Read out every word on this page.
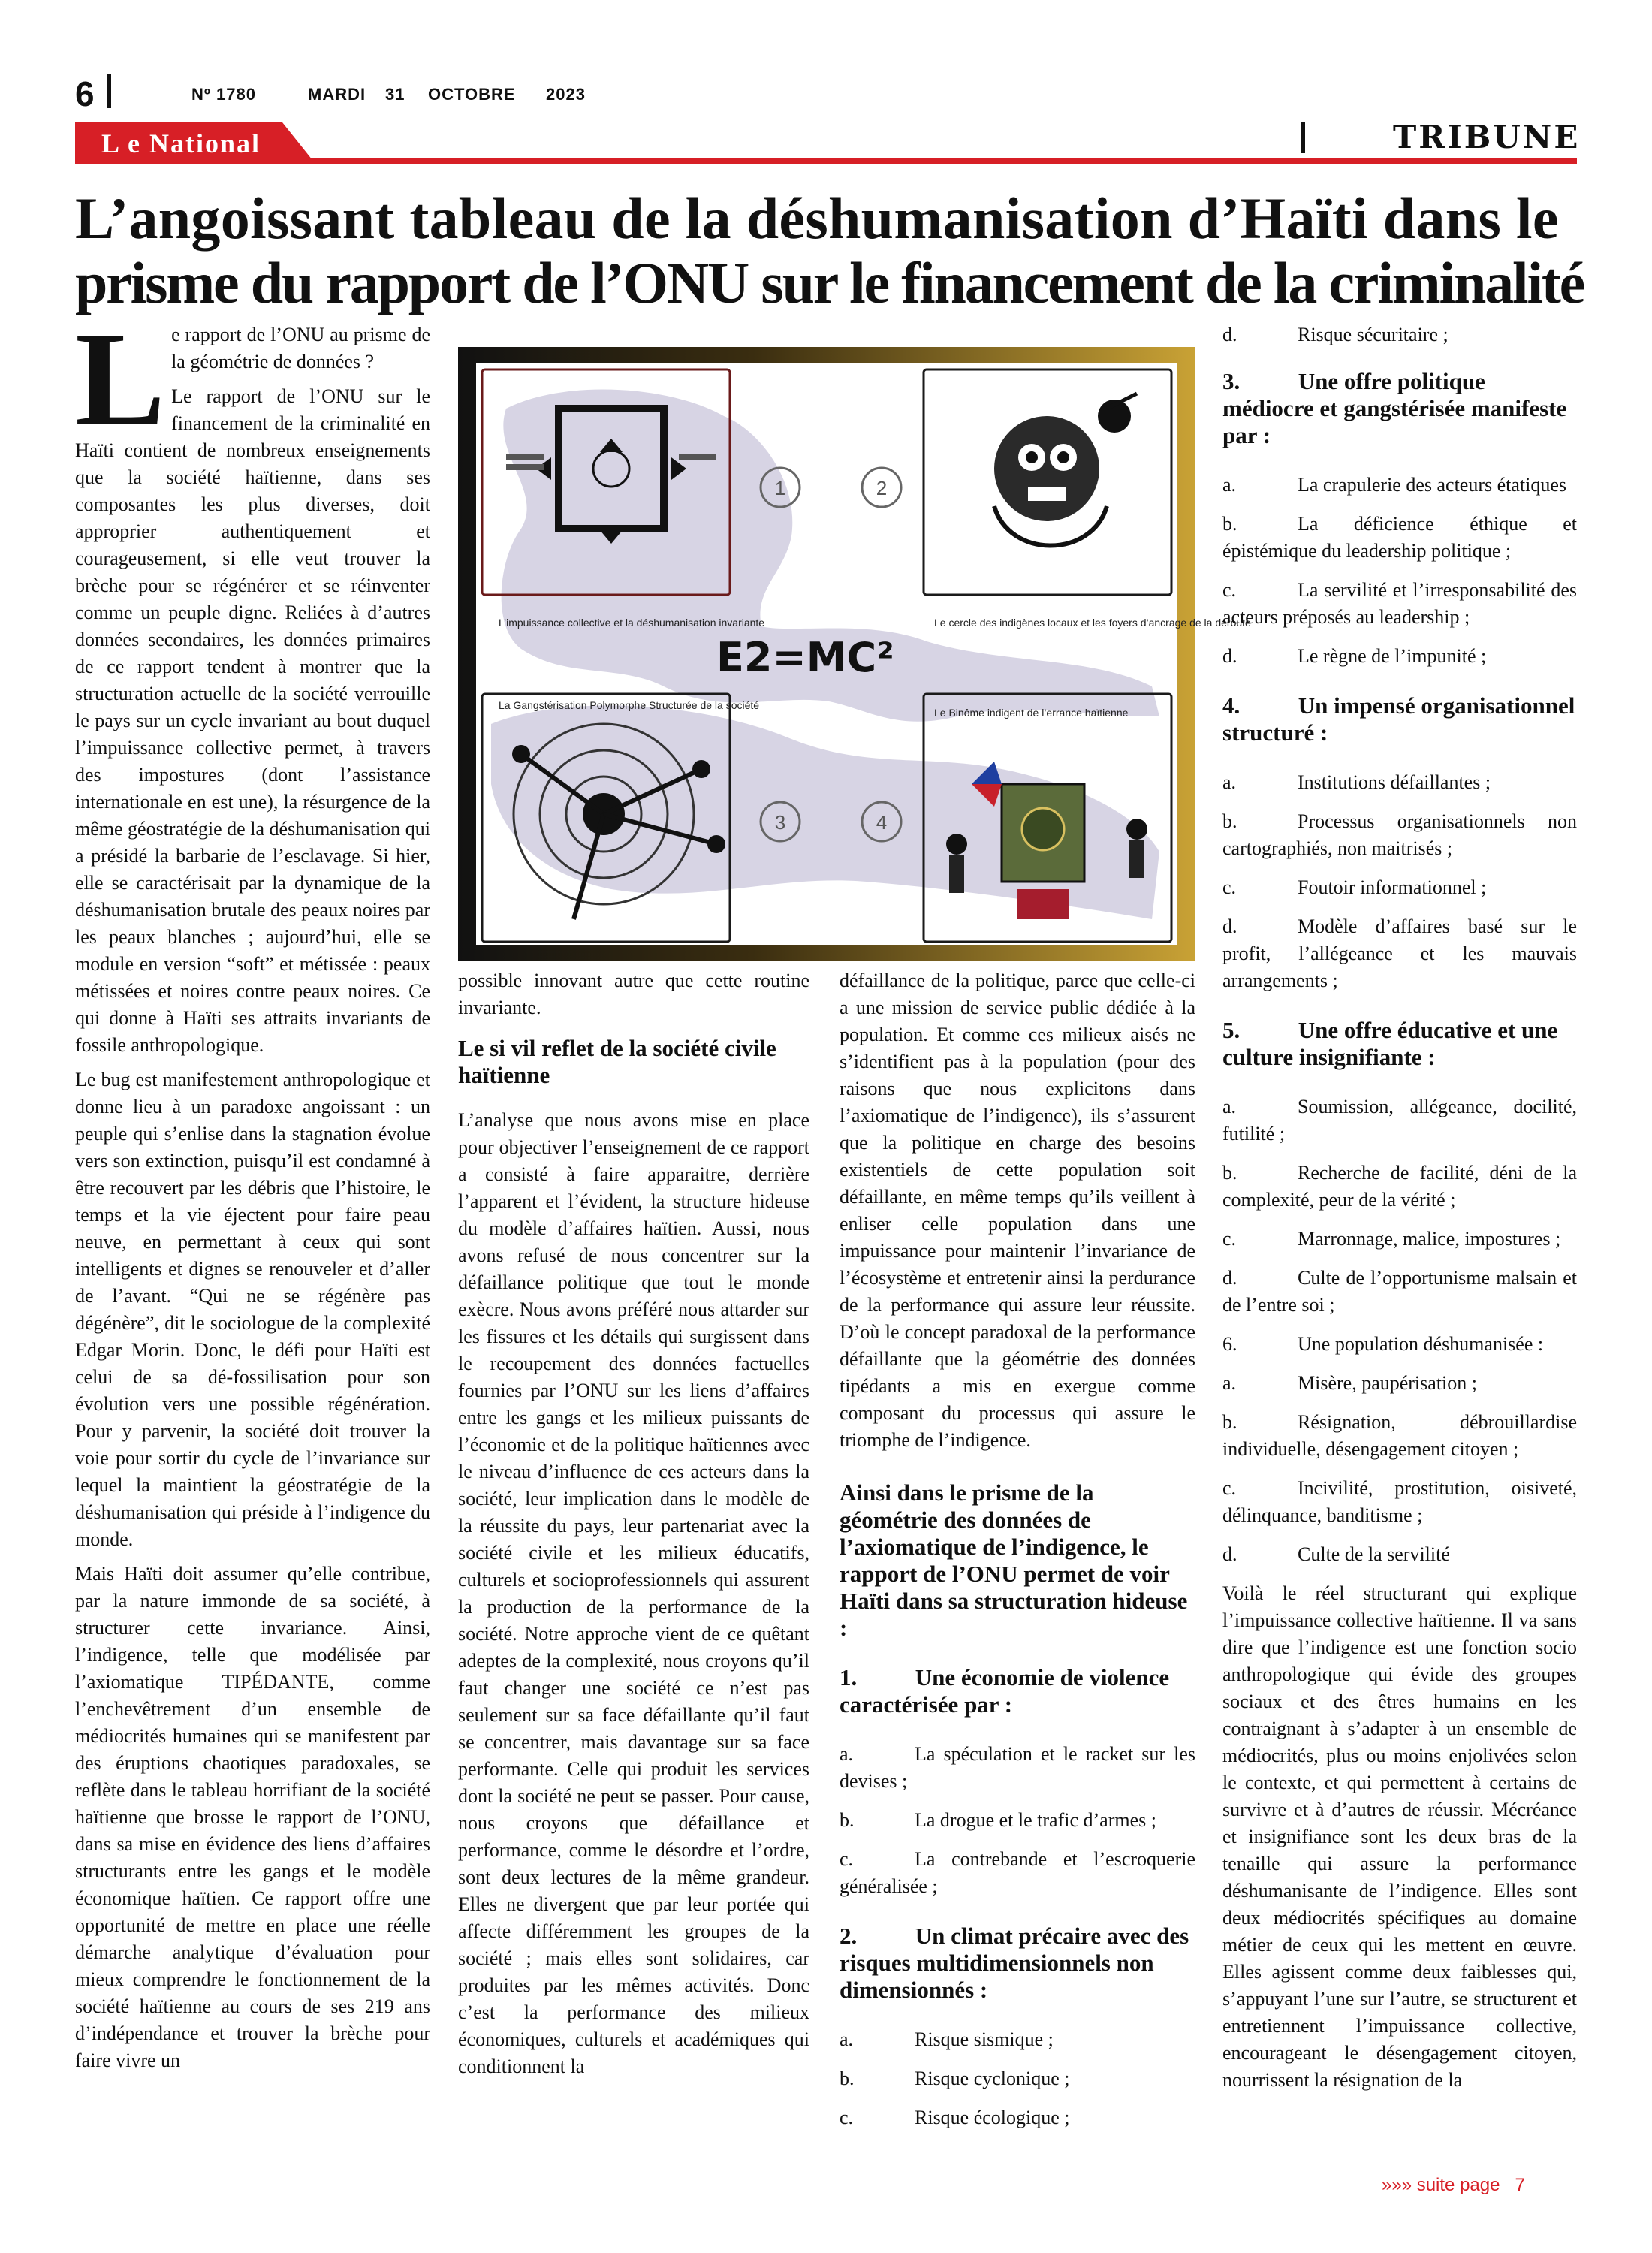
6	Nº 1780	MARDI 31 OCTOBRE 2023
L e National	TRIBUNE
L’angoissant tableau de la déshumanisation d’Haïti dans le
prisme du rapport de l’ONU sur le financement de la criminalité

L e rapport de l’ONU au prisme de la géométrie de données ?

Le rapport de l’ONU sur le financement de la criminalité en Haïti contient de nombreux enseignements que la société haïtienne, dans ses composantes les plus diverses, doit approprier authentiquement et courageusement, si elle veut trouver la brèche pour se régénérer et se réinventer comme un peuple digne. Reliées à d’autres données secondaires, les données primaires de ce rapport tendent à montrer que la structuration actuelle de la société verrouille le pays sur un cycle invariant au bout duquel l’impuissance collective permet, à travers des impostures (dont l’assistance internationale en est une), la résurgence de la même géostratégie de la déshumanisation qui a présidé la barbarie de l’esclavage. Si hier, elle se caractérisait par la dynamique de la déshumanisation brutale des peaux noires par les peaux blanches ; aujourd’hui, elle se module en version “soft” et métissée : peaux métissées et noires contre peaux noires. Ce qui donne à Haïti ses attraits invariants de fossile anthropologique.

Le bug est manifestement anthropologique et donne lieu à un paradoxe angoissant : un peuple qui s’enlise dans la stagnation évolue vers son extinction, puisqu’il est condamné à être recouvert par les débris que l’histoire, le temps et la vie éjectent pour faire peau neuve, en permettant à ceux qui sont intelligents et dignes se renouveler et d’aller de l’avant. “Qui ne se régénère pas dégénère”, dit le sociologue de la complexité Edgar Morin. Donc, le défi pour Haïti est celui de sa dé-fossilisation pour son évolution vers une possible régénération. Pour y parvenir, la société doit trouver la voie pour sortir du cycle de l’invariance sur lequel la maintient la géostratégie de la déshumanisation qui préside à l’indigence du monde.

Mais Haïti doit assumer qu’elle contribue, par la nature immonde de sa société, à structurer cette invariance. Ainsi, l’indigence, telle que modélisée par l’axiomatique TIPÉDANTE, comme l’enchevêtrement d’un ensemble de médiocrités humaines qui se manifestent par des éruptions chaotiques paradoxales, se reflète dans le tableau horrifiant de la société haïtienne que brosse le rapport de l’ONU, dans sa mise en évidence des liens d’affaires structurants entre les gangs et le modèle économique haïtien. Ce rapport offre une opportunité de mettre en place une réelle démarche analytique d’évaluation pour mieux comprendre le fonctionnement de la société haïtienne au cours de ses 219 ans d’indépendance et trouver la brèche pour faire vivre un

1	2
3	4
E2=MC²
L’impuissance collective et la déshumanisation invariante	Le cercle des indigènes locaux et les foyers d’ancrage de la déroute
La Gangstérisation Polymorphe Structurée de la société
Le Binôme indigent de l’errance haïtienne

possible innovant autre que cette routine invariante.

Le si vil reflet de la société civile haïtienne

L’analyse que nous avons mise en place pour objectiver l’enseignement de ce rapport a consisté à faire apparaitre, derrière l’apparent et l’évident, la structure hideuse du modèle d’affaires haïtien. Aussi, nous avons refusé de nous concentrer sur la défaillance politique que tout le monde exècre. Nous avons préféré nous attarder sur les fissures et les détails qui surgissent dans le recoupement des données factuelles fournies par l’ONU sur les liens d’affaires entre les gangs et les milieux puissants de l’économie et de la politique haïtiennes avec le niveau d’influence de ces acteurs dans la société, leur implication dans le modèle de la réussite du pays, leur partenariat avec la société civile et les milieux éducatifs, culturels et socioprofessionnels qui assurent la production de la performance de la société. Notre approche vient de ce quêtant adeptes de la complexité, nous croyons qu’il faut changer une société ce n’est pas seulement sur sa face défaillante qu’il faut se concentrer, mais davantage sur sa face performante. Celle qui produit les services dont la société ne peut se passer. Pour cause, nous croyons que défaillance et performance, comme le désordre et l’ordre, sont deux lectures de la même grandeur. Elles ne divergent que par leur portée qui affecte différemment les groupes de la société ; mais elles sont solidaires, car produites par les mêmes activités. Donc c’est la performance des milieux économiques, culturels et académiques qui conditionnent la

défaillance de la politique, parce que celle-ci a une mission de service public dédiée à la population. Et comme ces milieux aisés ne s’identifient pas à la population (pour des raisons que nous explicitons dans l’axiomatique de l’indigence), ils s’assurent que la politique en charge des besoins existentiels de cette population soit défaillante, en même temps qu’ils veillent à enliser celle population dans une impuissance pour maintenir l’invariance de l’écosystème et entretenir ainsi la perdurance de la performance qui assure leur réussite. D’où le concept paradoxal de la performance défaillante que la géométrie des données tipédants a mis en exergue comme composant du processus qui assure le triomphe de l’indigence.

Ainsi dans le prisme de la géométrie des données de l’axiomatique de l’indigence, le rapport de l’ONU permet de voir Haïti dans sa structuration hideuse :
1.          Une économie de violence caractérisée par :
a.	La spéculation et le racket sur les devises ;
b.	La drogue et le trafic d’armes ;
c.	La contrebande et l’escroquerie généralisée ;
2.          Un climat précaire avec des risques multidimensionnels non dimensionnés :
a.	Risque sismique ;
b.	Risque cyclonique ;
c.	Risque écologique ;
d.	Risque sécuritaire ;
3.          Une offre politique médiocre et gangstérisée manifeste par :
a.	La crapulerie des acteurs étatiques
b.	La déficience éthique et épistémique du leadership politique ;
c.	La servilité et l’irresponsabilité des acteurs préposés au leadership ;
d.	Le règne de l’impunité ;
4.          Un impensé organisationnel structuré :
a.	Institutions défaillantes ;
b.	Processus organisationnels non cartographiés, non maitrisés ;
c.	Foutoir informationnel ;
d.	Modèle d’affaires basé sur le profit, l’allégeance et les mauvais arrangements ;
5.          Une offre éducative et une culture insignifiante :
a.	Soumission, allégeance, docilité, futilité ;
b.	Recherche de facilité, déni de la complexité, peur de la vérité ;
c.	Marronnage, malice, impostures ;
d.	Culte de l’opportunisme malsain et de l’entre soi ;
6.	Une population déshumanisée :
a.	Misère, paupérisation ;
b.	Résignation, débrouillardise individuelle, désengagement citoyen ;
c.	Incivilité, prostitution, oisiveté, délinquance, banditisme ;
d.	Culte de la servilité

Voilà le réel structurant qui explique l’impuissance collective haïtienne. Il va sans dire que l’indigence est une fonction socio anthropologique qui évide des groupes sociaux et des êtres humains en les contraignant à s’adapter à un ensemble de médiocrités, plus ou moins enjolivées selon le contexte, et qui permettent à certains de survivre et à d’autres de réussir. Mécréance et insignifiance sont les deux bras de la tenaille qui assure la performance déshumanisante de l’indigence. Elles sont deux médiocrités spécifiques au domaine métier de ceux qui les mettent en œuvre. Elles agissent comme deux faiblesses qui, s’appuyant l’une sur l’autre, se structurent et entretiennent l’impuissance collective, encourageant le désengagement citoyen, nourrissent la résignation de la

»»» suite page   7
